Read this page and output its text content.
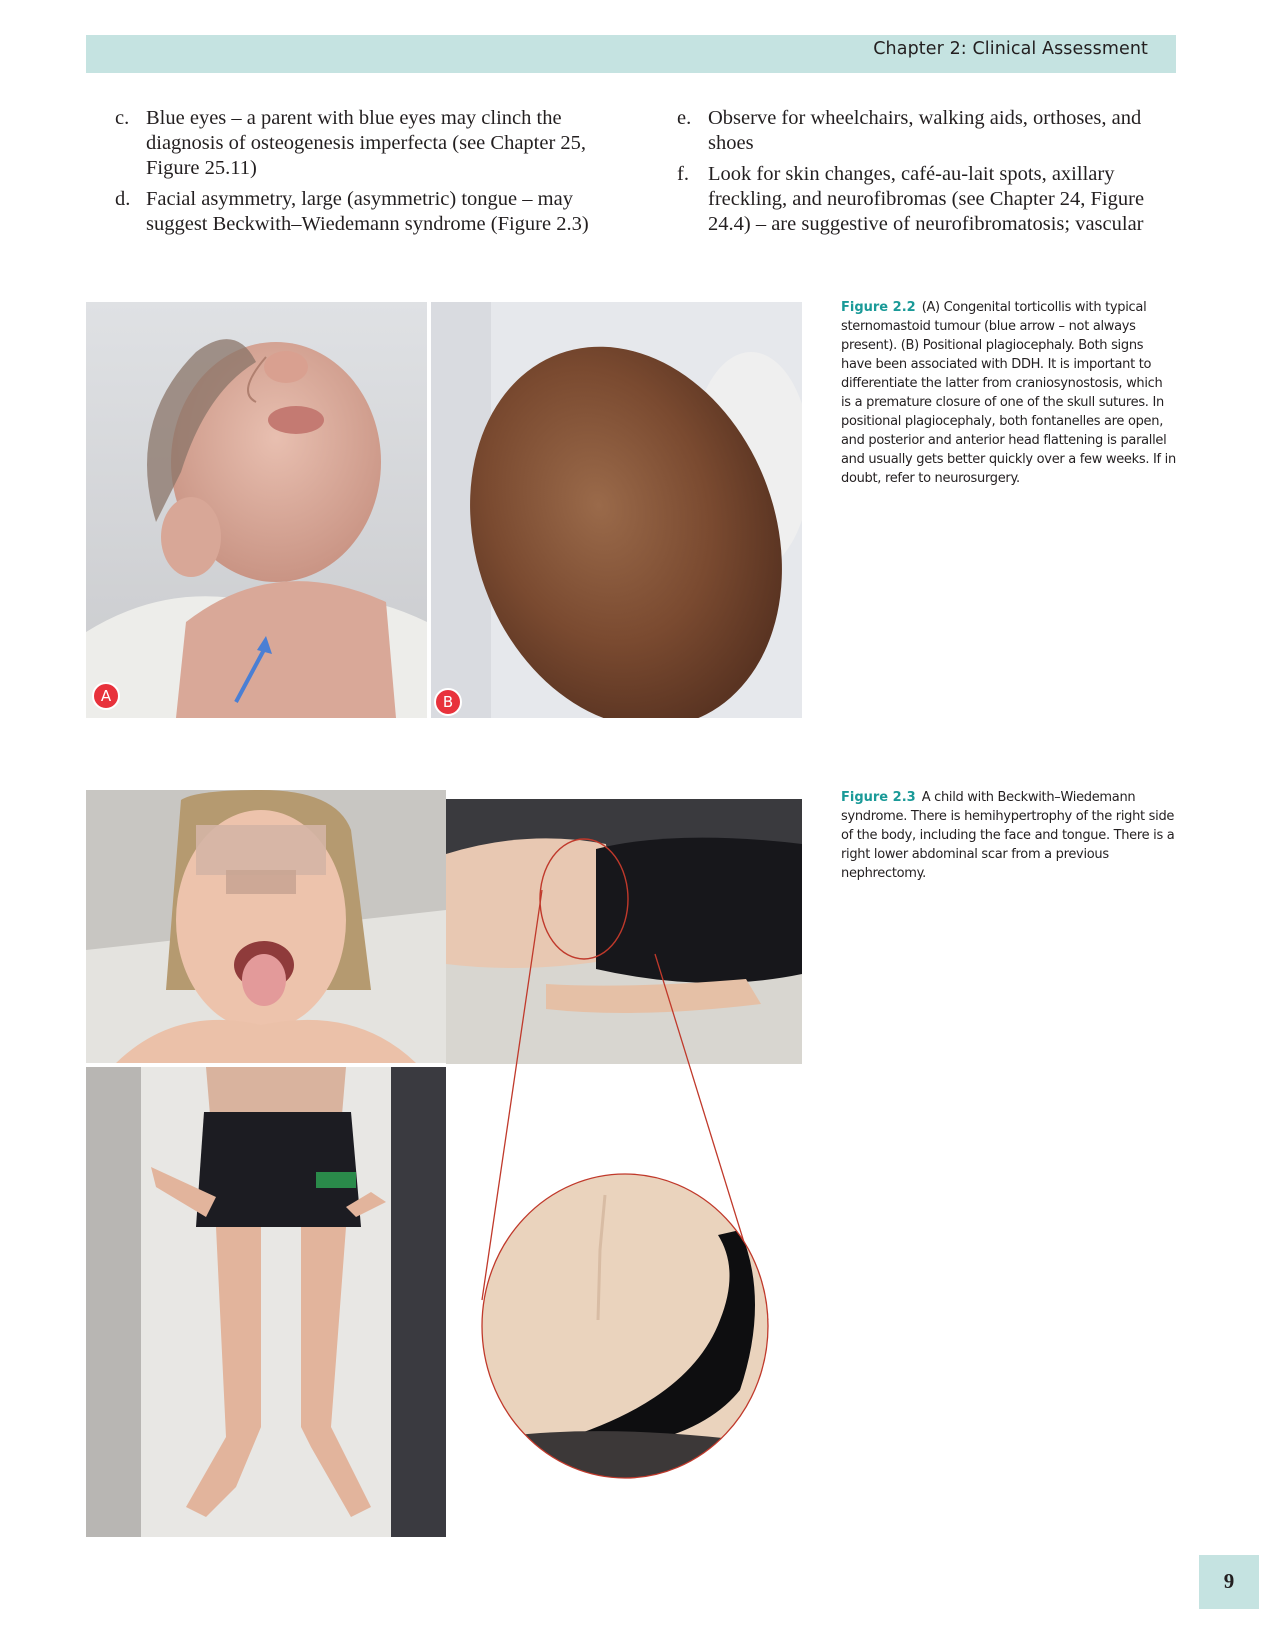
Chapter 2: Clinical Assessment
c. Blue eyes – a parent with blue eyes may clinch the diagnosis of osteogenesis imperfecta (see Chapter 25, Figure 25.11)
d. Facial asymmetry, large (asymmetric) tongue – may suggest Beckwith–Wiedemann syndrome (Figure 2.3)
e. Observe for wheelchairs, walking aids, orthoses, and shoes
f. Look for skin changes, café-au-lait spots, axillary freckling, and neurofibromas (see Chapter 24, Figure 24.4) – are suggestive of neurofibromatosis; vascular
A	B
Figure 2.2 (A) Congenital torticollis with typical sternomastoid tumour (blue arrow – not always present). (B) Positional plagiocephaly. Both signs have been associated with DDH. It is important to differentiate the latter from craniosynostosis, which is a premature closure of one of the skull sutures. In positional plagiocephaly, both fontanelles are open, and posterior and anterior head flattening is parallel and usually gets better quickly over a few weeks. If in doubt, refer to neurosurgery.
Figure 2.3 A child with Beckwith–Wiedemann syndrome. There is hemihypertrophy of the right side of the body, including the face and tongue. There is a right lower abdominal scar from a previous nephrectomy.
9
